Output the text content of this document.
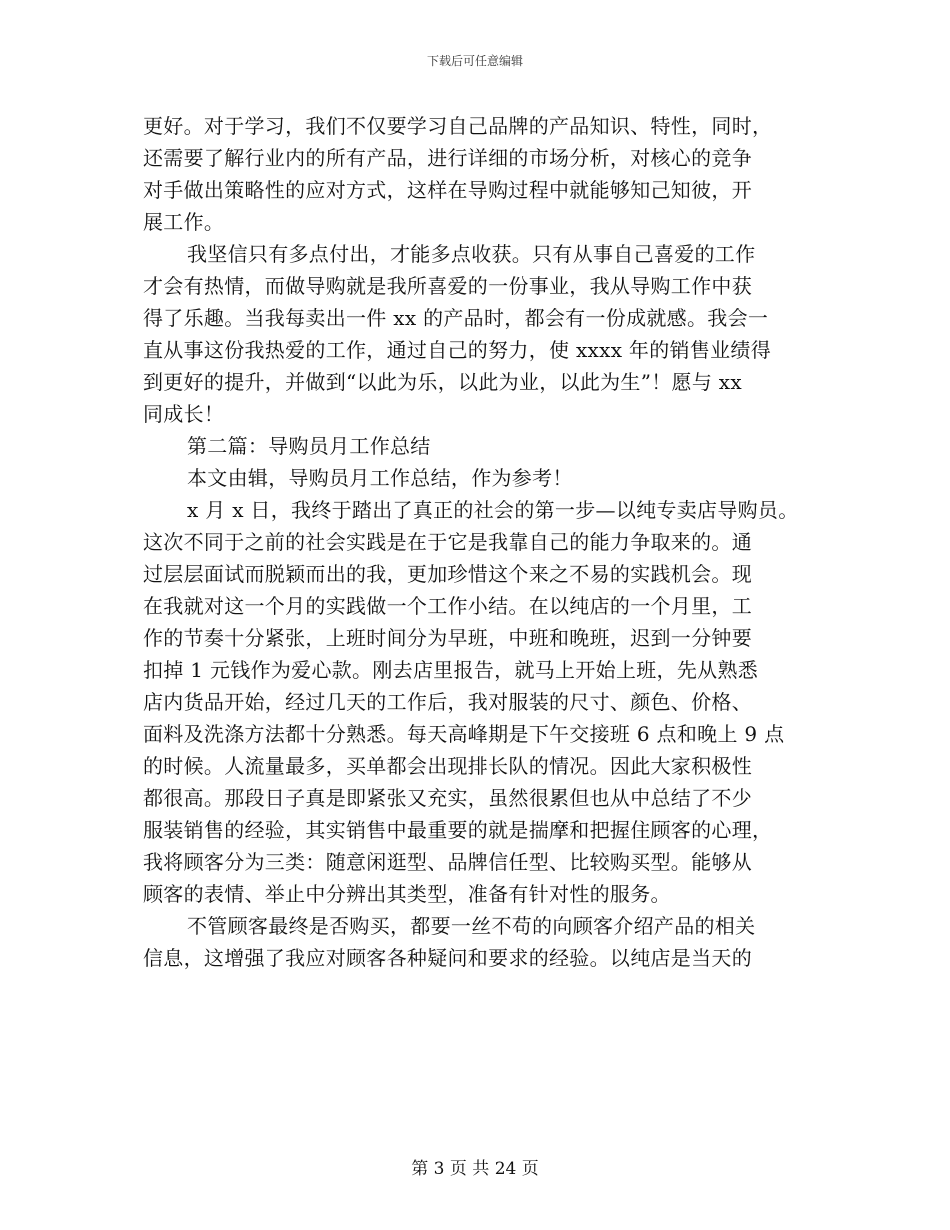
下载后可任意编辑
更好。对于学习，我们不仅要学习自己品牌的产品知识、特性，同时，
还需要了解行业内的所有产品，进行详细的市场分析，对核心的竞争
对手做出策略性的应对方式，这样在导购过程中就能够知己知彼，开
展工作。
我坚信只有多点付出，才能多点收获。只有从事自己喜爱的工作
才会有热情，而做导购就是我所喜爱的一份事业，我从导购工作中获
得了乐趣。当我每卖出一件 xx 的产品时，都会有一份成就感。我会一
直从事这份我热爱的工作，通过自己的努力，使 xxxx 年的销售业绩得
到更好的提升，并做到“以此为乐，以此为业，以此为生”！愿与 xx
同成长！
第二篇：导购员月工作总结
本文由辑，导购员月工作总结，作为参考！
x 月 x 日，我终于踏出了真正的社会的第一步—以纯专卖店导购员。
这次不同于之前的社会实践是在于它是我靠自己的能力争取来的。通
过层层面试而脱颖而出的我，更加珍惜这个来之不易的实践机会。现
在我就对这一个月的实践做一个工作小结。在以纯店的一个月里，工
作的节奏十分紧张，上班时间分为早班，中班和晚班，迟到一分钟要
扣掉 1 元钱作为爱心款。刚去店里报告，就马上开始上班，先从熟悉
店内货品开始，经过几天的工作后，我对服装的尺寸、颜色、价格、
面料及洗涤方法都十分熟悉。每天高峰期是下午交接班 6 点和晚上 9 点
的时候。人流量最多，买单都会出现排长队的情况。因此大家积极性
都很高。那段日子真是即紧张又充实，虽然很累但也从中总结了不少
服装销售的经验，其实销售中最重要的就是揣摩和把握住顾客的心理，
我将顾客分为三类：随意闲逛型、品牌信任型、比较购买型。能够从
顾客的表情、举止中分辨出其类型，准备有针对性的服务。
不管顾客最终是否购买，都要一丝不苟的向顾客介绍产品的相关
信息，这增强了我应对顾客各种疑问和要求的经验。以纯店是当天的
第 3 页 共 24 页
